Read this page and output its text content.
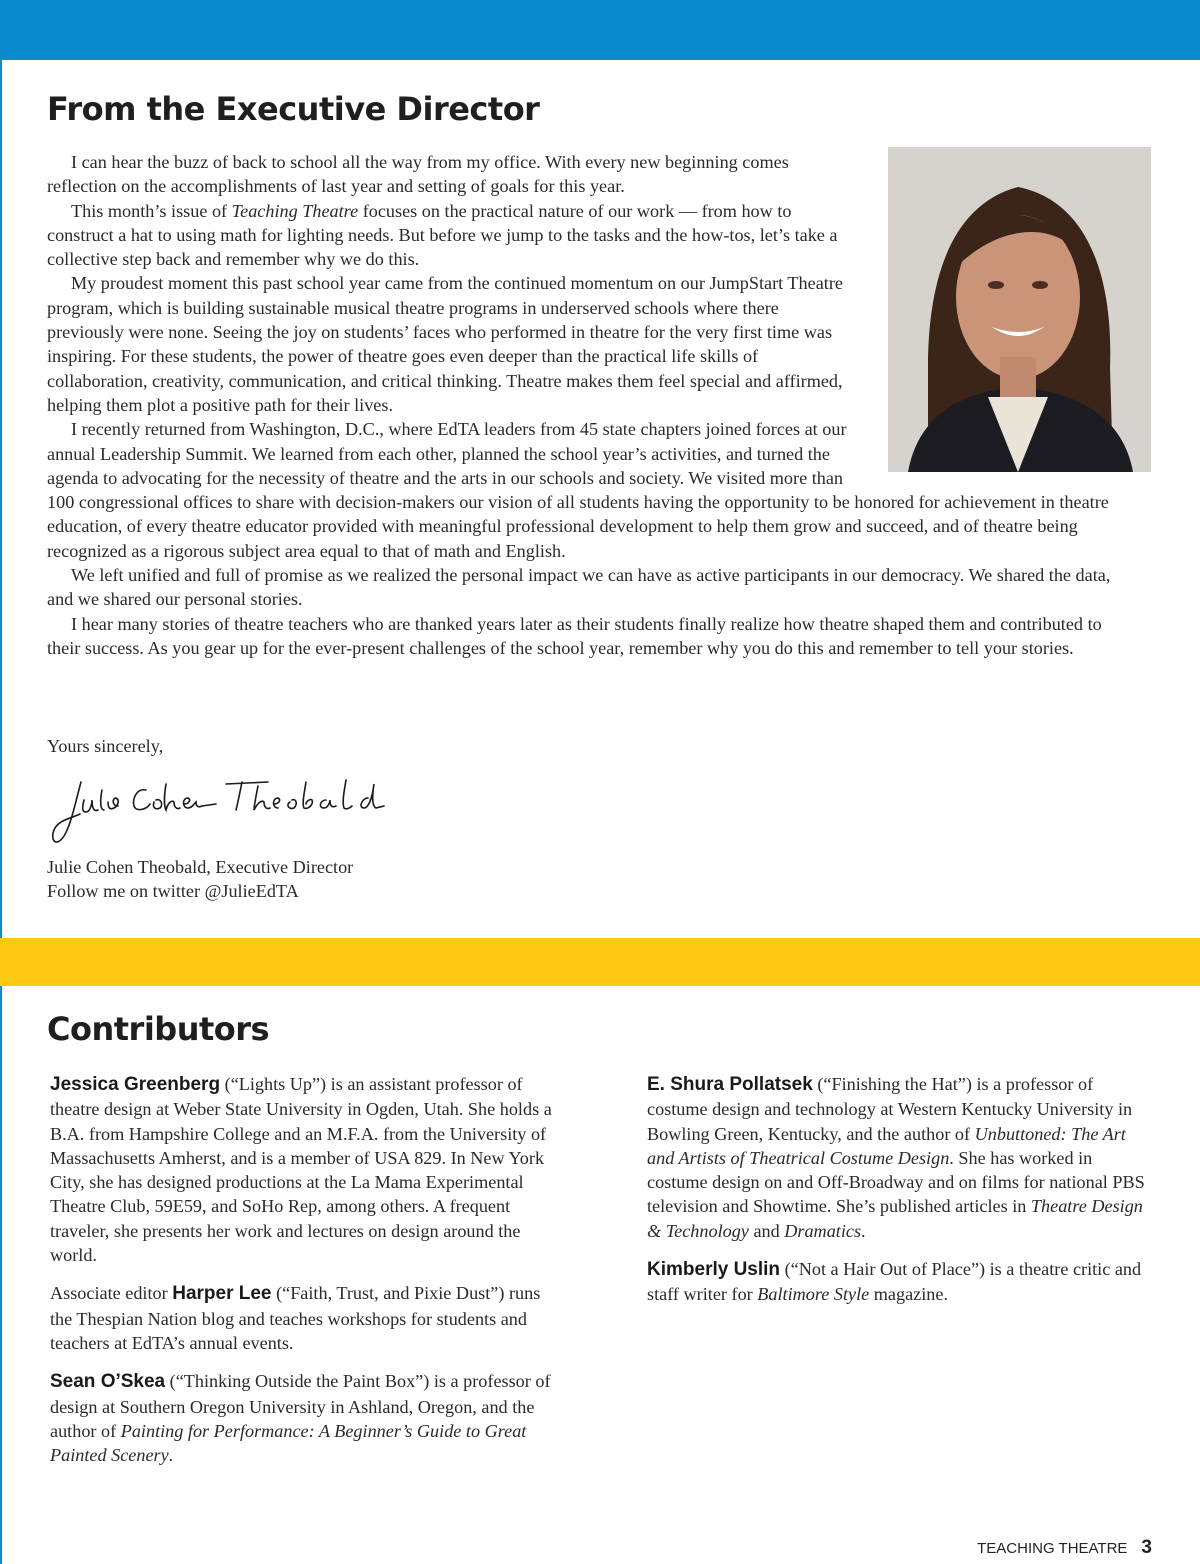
From the Executive Director

I can hear the buzz of back to school all the way from my office. With every new beginning comes reflection on the accomplishments of last year and setting of goals for this year.

This month’s issue of Teaching Theatre focuses on the practical nature of our work — from how to construct a hat to using math for lighting needs. But before we jump to the tasks and the how-tos, let’s take a collective step back and remember why we do this.

My proudest moment this past school year came from the continued momentum on our JumpStart Theatre program, which is building sustainable musical theatre programs in underserved schools where there previously were none. Seeing the joy on students’ faces who performed in theatre for the very first time was inspiring. For these students, the power of theatre goes even deeper than the practical life skills of collaboration, creativity, communication, and critical thinking. Theatre makes them feel special and affirmed, helping them plot a positive path for their lives.

I recently returned from Washington, D.C., where EdTA leaders from 45 state chapters joined forces at our annual Leadership Summit. We learned from each other, planned the school year’s activities, and turned the agenda to advocating for the necessity of theatre and the arts in our schools and society. We visited more than 100 congressional offices to share with decision-makers our vision of all students having the opportunity to be honored for achievement in theatre education, of every theatre educator provided with meaningful professional development to help them grow and succeed, and of theatre being recognized as a rigorous subject area equal to that of math and English.

We left unified and full of promise as we realized the personal impact we can have as active participants in our democracy. We shared the data, and we shared our personal stories.

I hear many stories of theatre teachers who are thanked years later as their students finally realize how theatre shaped them and contributed to their success. As you gear up for the ever-present challenges of the school year, remember why you do this and remember to tell your stories.

Yours sincerely,
Julie Cohen Theobald, Executive Director
Follow me on twitter @JulieEdTA
Contributors

Jessica Greenberg (“Lights Up”) is an assistant professor of theatre design at Weber State University in Ogden, Utah. She holds a B.A. from Hampshire College and an M.F.A. from the University of Massachusetts Amherst, and is a member of USA 829. In New York City, she has designed productions at the La Mama Experimental Theatre Club, 59E59, and SoHo Rep, among others. A frequent traveler, she presents her work and lectures on design around the world.

Associate editor Harper Lee (“Faith, Trust, and Pixie Dust”) runs the Thespian Nation blog and teaches workshops for students and teachers at EdTA’s annual events.

Sean O’Skea (“Thinking Outside the Paint Box”) is a professor of design at Southern Oregon University in Ashland, Oregon, and the author of Painting for Performance: A Beginner’s Guide to Great Painted Scenery.

E. Shura Pollatsek (“Finishing the Hat”) is a professor of costume design and technology at Western Kentucky University in Bowling Green, Kentucky, and the author of Unbuttoned: The Art and Artists of Theatrical Costume Design. She has worked in costume design on and Off-Broadway and on films for national PBS television and Showtime. She’s published articles in Theatre Design & Technology and Dramatics.

Kimberly Uslin (“Not a Hair Out of Place”) is a theatre critic and staff writer for Baltimore Style magazine.

TEACHING THEATRE 3
